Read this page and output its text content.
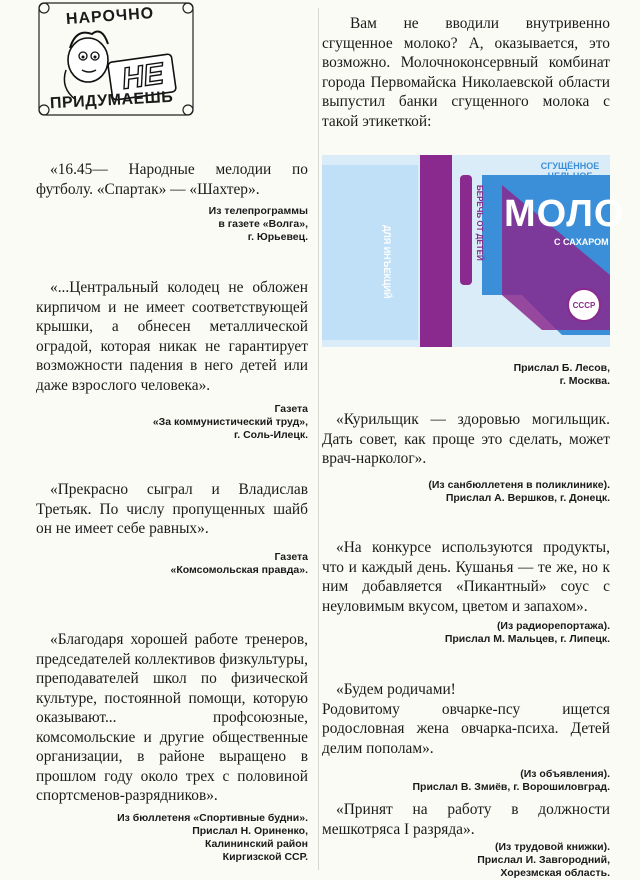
НАРОЧНО
НЕ
ПРИДУМАЕШЬ

«16.45— Народные мелодии по футболу. «Спартак» — «Шахтер».

Из телепрограммы
в газете «Волга»,
г. Юрьевец.

«...Центральный колодец не обложен кирпичом и не имеет соответствующей крышки, а обнесен металлической оградой, которая никак не гарантирует возможности падения в него детей или даже взрослого человека».

Газета
«За коммунистический труд»,
г. Соль-Илецк.

«Прекрасно сыграл и Владислав Третьяк. По числу пропущенных шайб он не имеет себе равных».

Газета
«Комсомольская правда».

«Благодаря хорошей работе тренеров, председателей коллективов физкультуры, преподавателей школ по физической культуре, постоянной помощи, которую оказывают... профсоюзные, комсомольские и другие общественные организации, в районе выращено в прошлом году около трех с половиной спортсменов-разрядников».

Из бюллетеня «Спортивные будни».
Прислал Н. Ориненко,
Калининский район
Киргизской ССР.

Вам не вводили внутривенно сгущенное молоко? А, оказывается, это возможно. Молочноконсервный комбинат города Первомайска Николаевской области выпустил банки сгущенного молока с такой этикеткой:

Прислал Б. Лесов,
г. Москва.

«Курильщик — здоровью могильщик. Дать совет, как проще это сделать, может врач-нарколог».

(Из санбюллетеня в поликлинике).
Прислал А. Вершков, г. Донецк.

«На конкурсе используются продукты, что и каждый день. Кушанья — те же, но к ним добавляется «Пикантный» соус с неуловимым вкусом, цветом и запахом».

(Из радиорепортажа).
Прислал М. Мальцев, г. Липецк.

«Будем родичами!
Родовитому овчарке-псу ищется родословная жена овчарка-психа. Детей делим пополам».

(Из объявления).
Прислал В. Змиёв, г. Ворошиловград.

«Принят на работу в должности мешкотряса I разряда».

(Из трудовой книжки).
Прислал И. Завгородний,
Хорезмская область.

ДЛЯ ИНЪЕКЦИЙ
БЕРЕЧЬ ОТ ДЕТЕЙ
СГУЩЁННОЕ ЦЕЛЬНОЕ
МОЛО
С САХАРОМ
СССР
